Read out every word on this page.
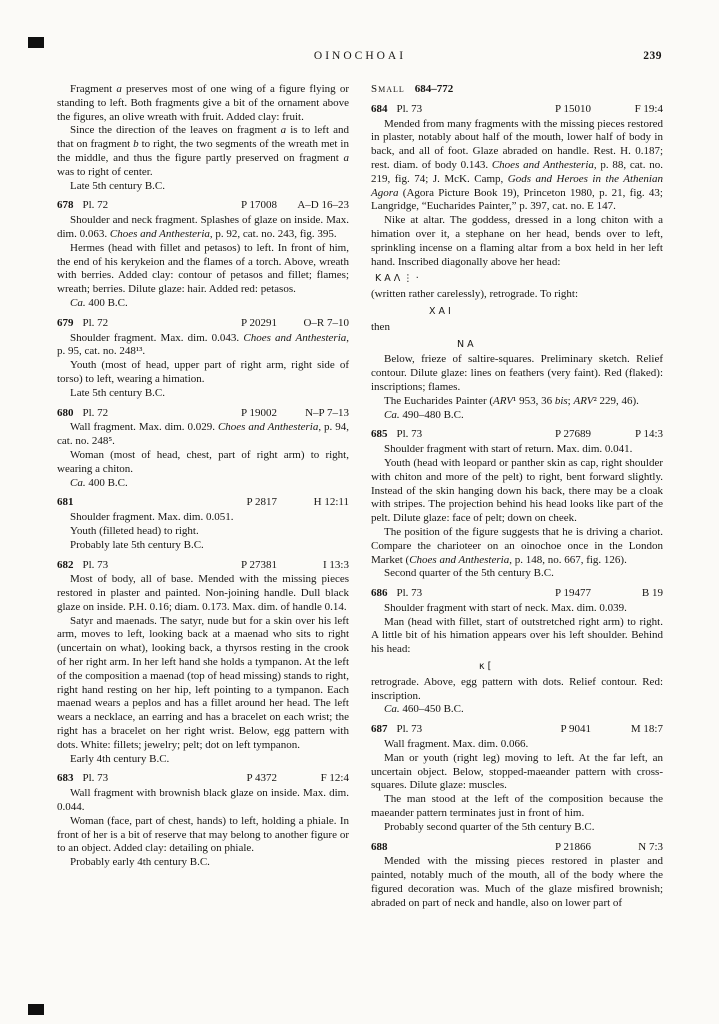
OINOCHOAI	239

Fragment a preserves most of one wing of a figure flying or standing to left. Both fragments give a bit of the ornament above the figures, an olive wreath with fruit. Added clay: fruit.

Since the direction of the leaves on fragment a is to left and that on fragment b to right, the two segments of the wreath met in the middle, and thus the figure partly preserved on fragment a was to right of center.

Late 5th century B.C.

678 Pl. 72	P 17008	A–D 16–23

Shoulder and neck fragment. Splashes of glaze on inside. Max. dim. 0.063. Choes and Anthesteria, p. 92, cat. no. 243, fig. 395.

Hermes (head with fillet and petasos) to left. In front of him, the end of his kerykeion and the flames of a torch. Above, wreath with berries. Added clay: contour of petasos and fillet; flames; wreath; berries. Dilute glaze: hair. Added red: petasos.

Ca. 400 B.C.

679 Pl. 72	P 20291	O–R 7–10

Shoulder fragment. Max. dim. 0.043. Choes and Anthesteria, p. 95, cat. no. 248¹³.

Youth (most of head, upper part of right arm, right side of torso) to left, wearing a himation.

Late 5th century B.C.

680 Pl. 72	P 19002	N–P 7–13

Wall fragment. Max. dim. 0.029. Choes and Anthesteria, p. 94, cat. no. 248⁵.

Woman (most of head, chest, part of right arm) to right, wearing a chiton.

Ca. 400 B.C.

681	P 2817	H 12:11

Shoulder fragment. Max. dim. 0.051.

Youth (filleted head) to right.

Probably late 5th century B.C.

682 Pl. 73	P 27381	I 13:3

Most of body, all of base. Mended with the missing pieces restored in plaster and painted. Non-joining handle. Dull black glaze on inside. P.H. 0.16; diam. 0.173. Max. dim. of handle 0.14.

Satyr and maenads. The satyr, nude but for a skin over his left arm, moves to left, looking back at a maenad who sits to right (uncertain on what), looking back, a thyrsos resting in the crook of her right arm. In her left hand she holds a tympanon. At the left of the composition a maenad (top of head missing) stands to right, right hand resting on her hip, left pointing to a tympanon. Each maenad wears a peplos and has a fillet around her head. The left wears a necklace, an earring and has a bracelet on each wrist; the right has a bracelet on her right wrist. Below, egg pattern with dots. White: fillets; jewelry; pelt; dot on left tympanon.

Early 4th century B.C.

683 Pl. 73	P 4372	F 12:4

Wall fragment with brownish black glaze on inside. Max. dim. 0.044.

Woman (face, part of chest, hands) to left, holding a phiale. In front of her is a bit of reserve that may belong to another figure or to an object. Added clay: detailing on phiale.

Probably early 4th century B.C.

Small 684–772
684 Pl. 73	P 15010	F 19:4

Mended from many fragments with the missing pieces restored in plaster, notably about half of the mouth, lower half of body in back, and all of foot. Glaze abraded on handle. Rest. H. 0.187; rest. diam. of body 0.143. Choes and Anthesteria, p. 88, cat. no. 219, fig. 74; J. McK. Camp, Gods and Heroes in the Athenian Agora (Agora Picture Book 19), Princeton 1980, p. 21, fig. 43; Langridge, “Eucharides Painter,” p. 397, cat. no. E 147.

Nike at altar. The goddess, dressed in a long chiton with a himation over it, a stephane on her head, bends over to left, sprinkling incense on a flaming altar from a box held in her left hand. Inscribed diagonally above her head:

ΚΑΛ⋮·

(written rather carelessly), retrograde. To right:

ΧΑΙ

then

ΝΑ

Below, frieze of saltire-squares. Preliminary sketch. Relief contour. Dilute glaze: lines on feathers (very faint). Red (flaked): inscriptions; flames.

The Eucharides Painter (ARV¹ 953, 36 bis; ARV² 229, 46).

Ca. 490–480 B.C.

685 Pl. 73	P 27689	P 14:3

Shoulder fragment with start of return. Max. dim. 0.041.

Youth (head with leopard or panther skin as cap, right shoulder with chiton and more of the pelt) to right, bent forward slightly. Instead of the skin hanging down his back, there may be a cloak with stripes. The projection behind his head looks like part of the pelt. Dilute glaze: face of pelt; down on cheek.

The position of the figure suggests that he is driving a chariot. Compare the charioteer on an oinochoe once in the London Market (Choes and Anthesteria, p. 148, no. 667, fig. 126).

Second quarter of the 5th century B.C.

686 Pl. 73	P 19477	B 19

Shoulder fragment with start of neck. Max. dim. 0.039.

Man (head with fillet, start of outstretched right arm) to right. A little bit of his himation appears over his left shoulder. Behind his head:

κ[

retrograde. Above, egg pattern with dots. Relief contour. Red: inscription.

Ca. 460–450 B.C.

687 Pl. 73	P 9041	M 18:7

Wall fragment. Max. dim. 0.066.

Man or youth (right leg) moving to left. At the far left, an uncertain object. Below, stopped-maeander pattern with cross-squares. Dilute glaze: muscles.

The man stood at the left of the composition because the maeander pattern terminates just in front of him.

Probably second quarter of the 5th century B.C.

688	P 21866	N 7:3

Mended with the missing pieces restored in plaster and painted, notably much of the mouth, all of the body where the figured decoration was. Much of the glaze misfired brownish; abraded on part of neck and handle, also on lower part of
